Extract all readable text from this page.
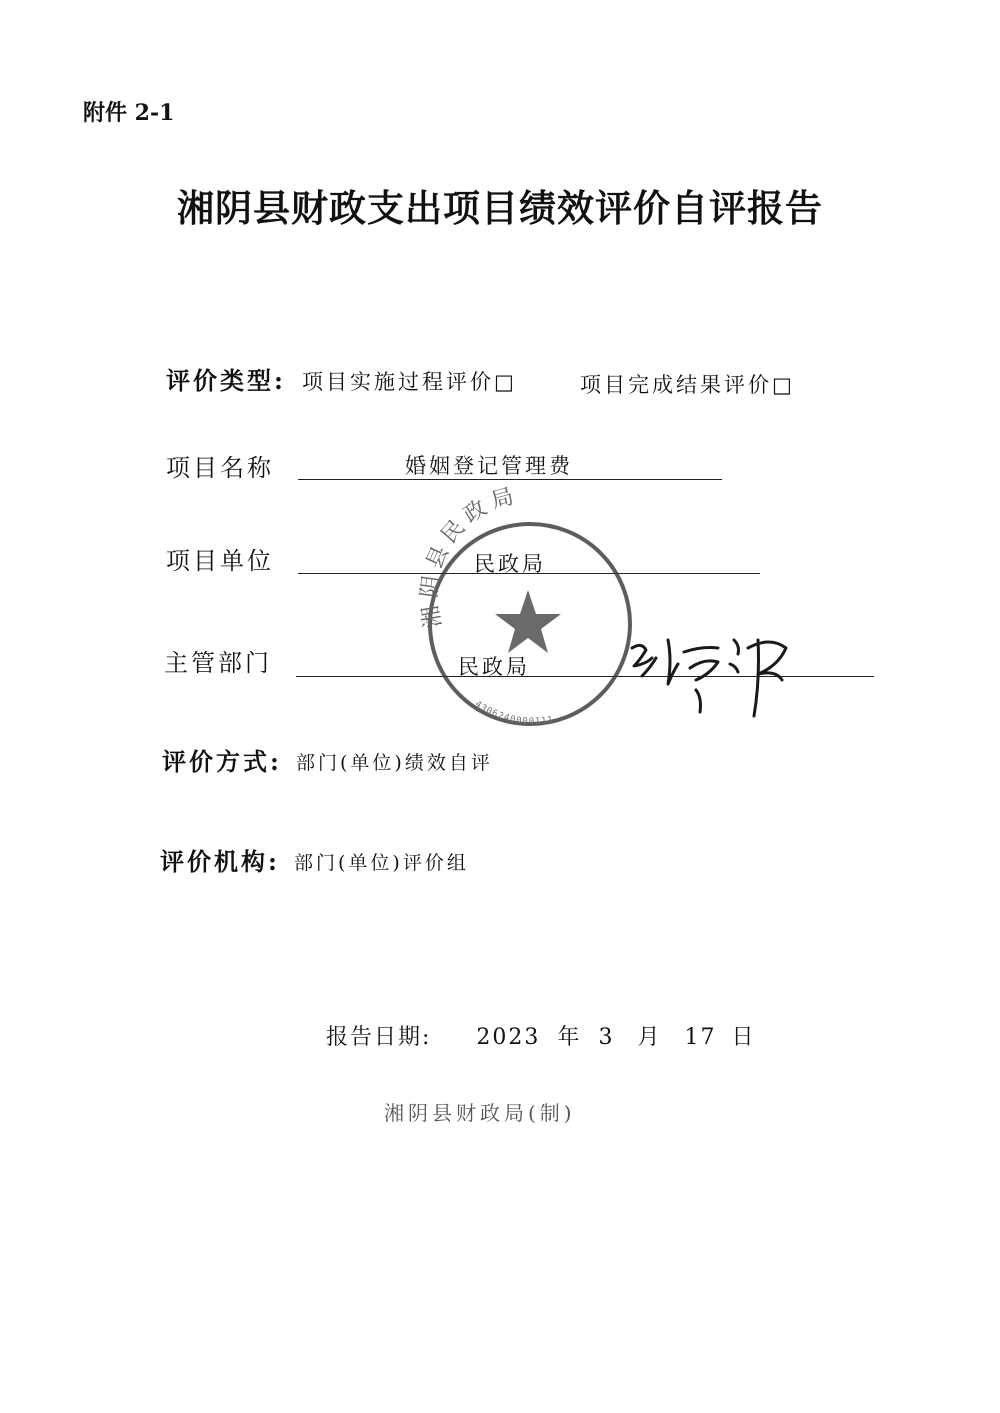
附件 2-1
湘阴县财政支出项目绩效评价自评报告
评价类型: 项目实施过程评价□	项目完成结果评价□
项目名称	婚姻登记管理费
项目单位	民政局
主管部门	民政局
评价方式: 部门(单位)绩效自评
评价机构: 部门(单位)评价组
报告日期: 2023 年 3 月 17 日
湘阴县财政局(制)
湘阴县民政局
4306240000111
